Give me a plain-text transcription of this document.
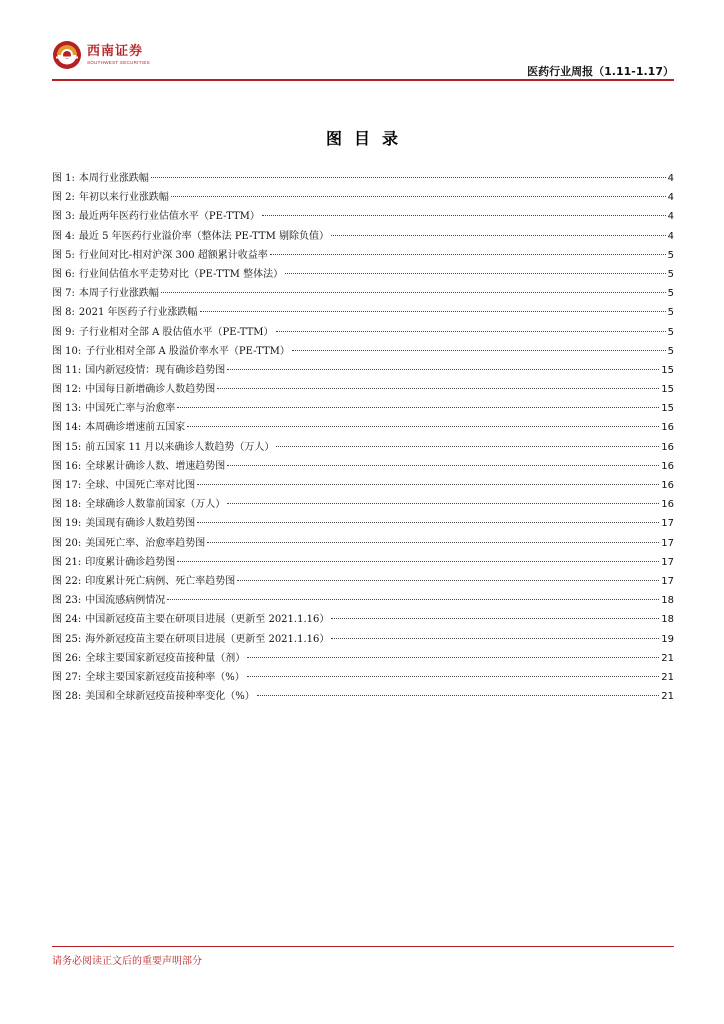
西南证券
SOUTHWEST SECURITIES
医药行业周报（1.11-1.17）
图目录
图 1: 本周行业涨跌幅	4
图 2: 年初以来行业涨跌幅	4
图 3: 最近两年医药行业估值水平（PE-TTM）	4
图 4: 最近 5 年医药行业溢价率（整体法 PE-TTM 剔除负值）	4
图 5: 行业间对比-相对沪深 300 超额累计收益率	5
图 6: 行业间估值水平走势对比（PE-TTM 整体法）	5
图 7: 本周子行业涨跌幅	5
图 8: 2021 年医药子行业涨跌幅	5
图 9: 子行业相对全部 A 股估值水平（PE-TTM）	5
图 10: 子行业相对全部 A 股溢价率水平（PE-TTM）	5
图 11: 国内新冠疫情：现有确诊趋势图	15
图 12: 中国每日新增确诊人数趋势图	15
图 13: 中国死亡率与治愈率	15
图 14: 本周确诊增速前五国家	16
图 15: 前五国家 11 月以来确诊人数趋势（万人）	16
图 16: 全球累计确诊人数、增速趋势图	16
图 17: 全球、中国死亡率对比图	16
图 18: 全球确诊人数靠前国家（万人）	16
图 19: 美国现有确诊人数趋势图	17
图 20: 美国死亡率、治愈率趋势图	17
图 21: 印度累计确诊趋势图	17
图 22: 印度累计死亡病例、死亡率趋势图	17
图 23: 中国流感病例情况	18
图 24: 中国新冠疫苗主要在研项目进展（更新至 2021.1.16）	18
图 25: 海外新冠疫苗主要在研项目进展（更新至 2021.1.16）	19
图 26: 全球主要国家新冠疫苗接种量（剂）	21
图 27: 全球主要国家新冠疫苗接种率（%）	21
图 28: 美国和全球新冠疫苗接种率变化（%）	21
请务必阅读正文后的重要声明部分
